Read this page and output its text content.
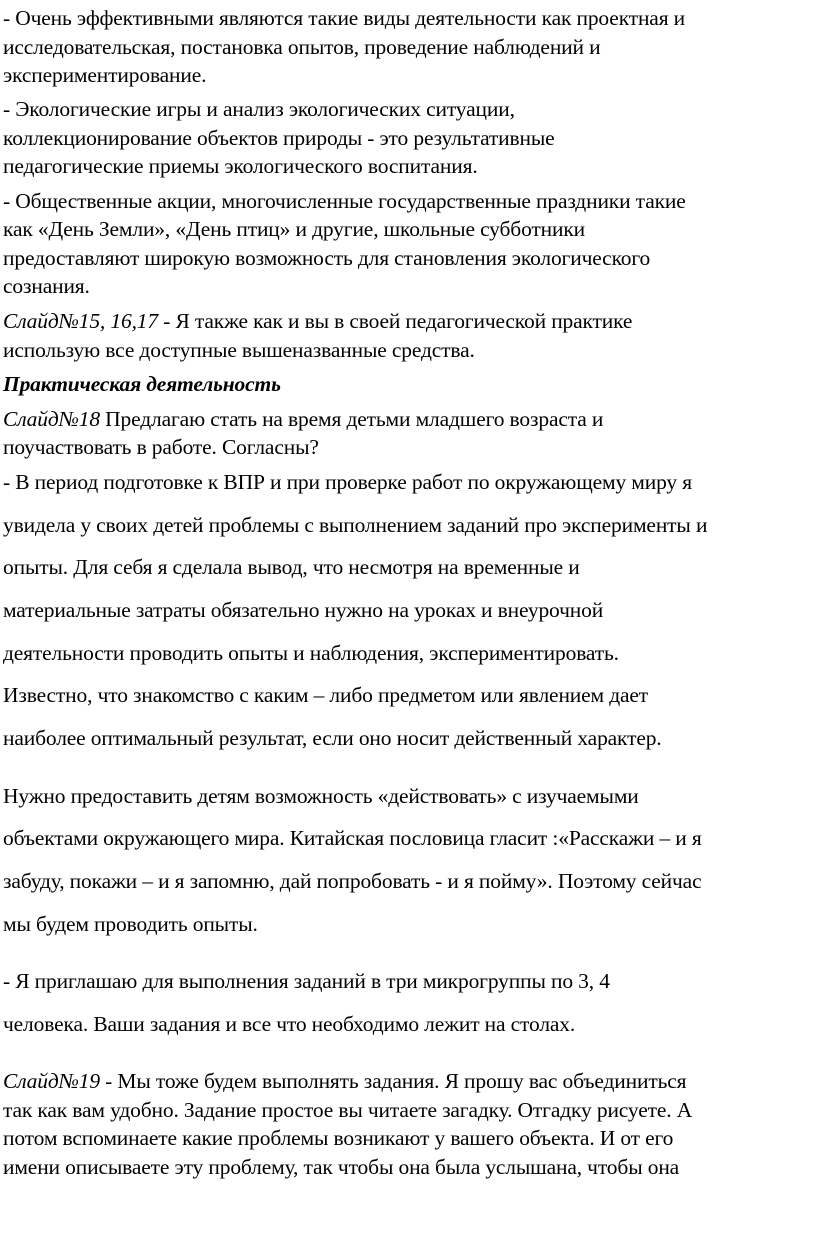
- Очень эффективными являются такие виды деятельности как проектная и
исследовательская, постановка опытов, проведение наблюдений и
экспериментирование.
- Экологические игры и анализ экологических ситуации,
коллекционирование объектов природы - это результативные
педагогические приемы экологического воспитания.
- Общественные акции, многочисленные государственные праздники такие
как «День Земли», «День птиц» и другие, школьные субботники
предоставляют широкую возможность для становления экологического
сознания.
Слайд№15, 16,17 - Я также как и вы в своей педагогической практике
использую все доступные вышеназванные средства.
Практическая деятельность
Слайд№18 Предлагаю стать на время детьми младшего возраста и
поучаствовать в работе. Согласны?
- В период подготовке к ВПР и при проверке работ по окружающему миру я
увидела у своих детей проблемы с выполнением заданий про эксперименты и
опыты. Для себя я сделала вывод, что несмотря на временные и
материальные затраты обязательно нужно на уроках и внеурочной
деятельности проводить опыты и наблюдения, экспериментировать.
Известно, что знакомство с каким – либо предметом или явлением дает
наиболее оптимальный результат, если оно носит действенный характер.
Нужно предоставить детям возможность «действовать» с изучаемыми
объектами окружающего мира. Китайская пословица гласит :«Расскажи – и я
забуду, покажи – и я запомню, дай попробовать - и я пойму». Поэтому сейчас
мы будем проводить опыты.
- Я приглашаю для выполнения заданий в три микрогруппы по 3, 4
человека. Ваши задания и все что необходимо лежит на столах.
Слайд№19 - Мы тоже будем выполнять задания. Я прошу вас объединиться
так как вам удобно. Задание простое вы читаете загадку. Отгадку рисуете. А
потом вспоминаете какие проблемы возникают у вашего объекта. И от его
имени описываете эту проблему, так чтобы она была услышана, чтобы она
